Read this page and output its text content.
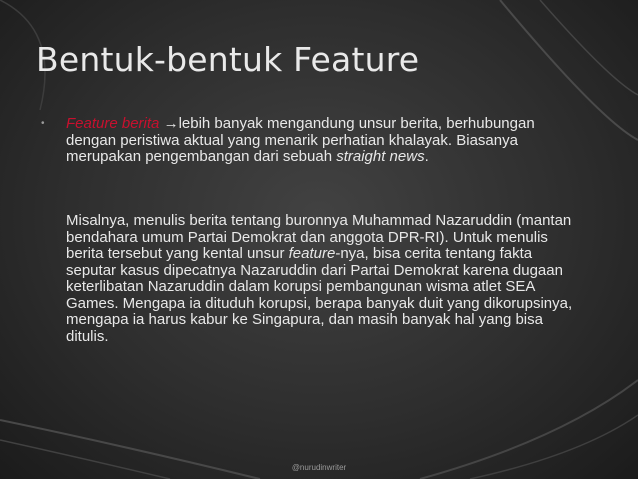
Bentuk-bentuk Feature
• Feature berita →lebih banyak mengandung unsur berita, berhubungan dengan peristiwa aktual yang menarik perhatian khalayak. Biasanya merupakan pengembangan dari sebuah straight news.
Misalnya, menulis berita tentang buronnya Muhammad Nazaruddin (mantan bendahara umum Partai Demokrat dan anggota DPR-RI). Untuk menulis berita tersebut yang kental unsur feature-nya, bisa cerita tentang fakta seputar kasus dipecatnya Nazaruddin dari Partai Demokrat karena dugaan keterlibatan Nazaruddin dalam korupsi pembangunan wisma atlet SEA Games. Mengapa ia dituduh korupsi, berapa banyak duit yang dikorupsinya, mengapa ia harus kabur ke Singapura, dan masih banyak hal yang bisa ditulis.
@nurudinwriter
